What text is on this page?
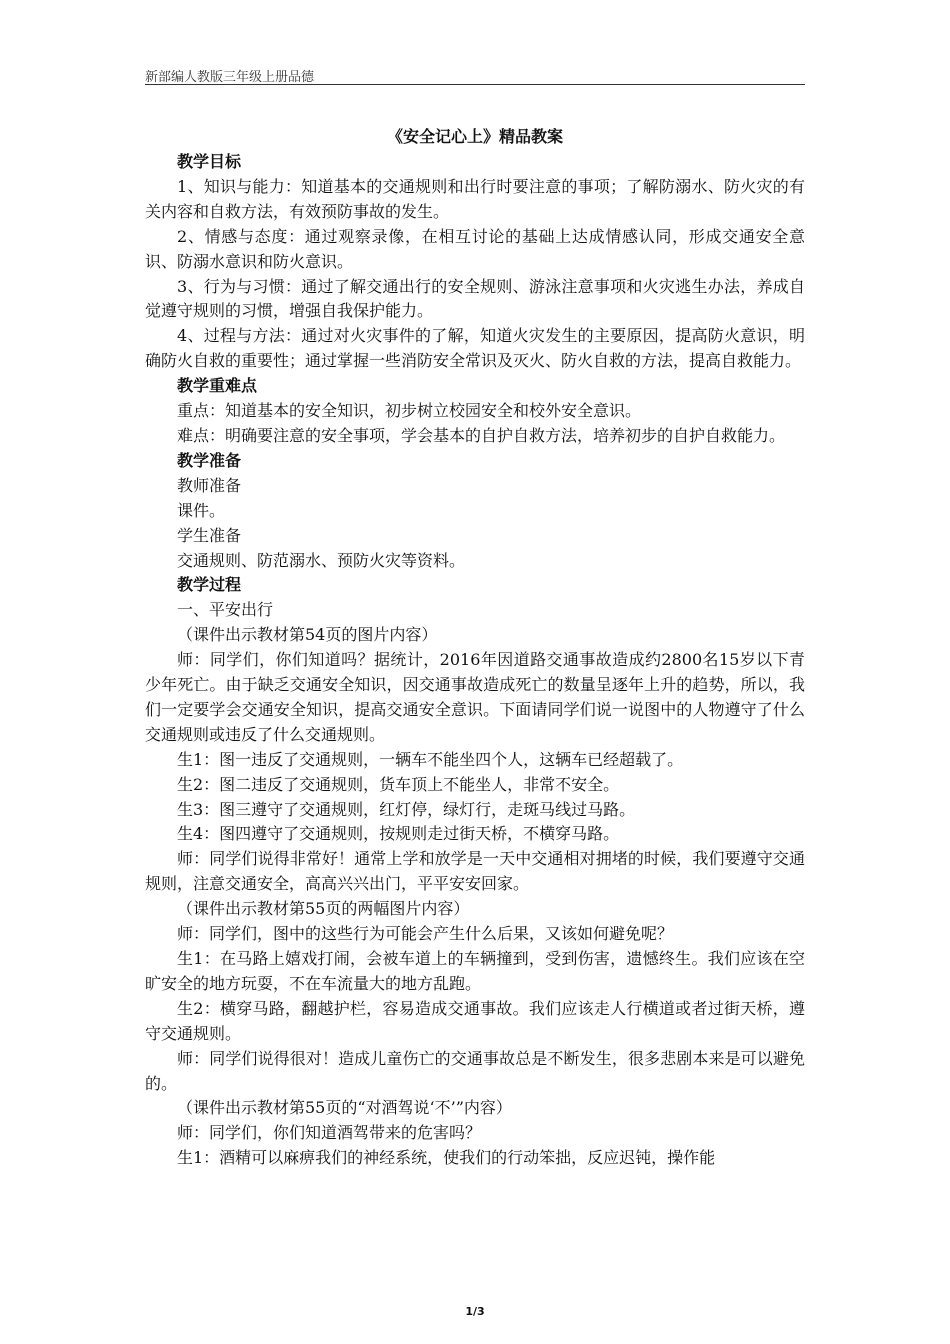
新部编人教版三年级上册品德
《安全记心上》精品教案

教学目标

1、知识与能力：知道基本的交通规则和出行时要注意的事项；了解防溺水、防火灾的有关内容和自救方法，有效预防事故的发生。

2、情感与态度：通过观察录像，在相互讨论的基础上达成情感认同，形成交通安全意识、防溺水意识和防火意识。

3、行为与习惯：通过了解交通出行的安全规则、游泳注意事项和火灾逃生办法，养成自觉遵守规则的习惯，增强自我保护能力。

4、过程与方法：通过对火灾事件的了解，知道火灾发生的主要原因，提高防火意识，明确防火自救的重要性；通过掌握一些消防安全常识及灭火、防火自救的方法，提高自救能力。

教学重难点

重点：知道基本的安全知识，初步树立校园安全和校外安全意识。

难点：明确要注意的安全事项，学会基本的自护自救方法，培养初步的自护自救能力。

教学准备

教师准备

课件。

学生准备

交通规则、防范溺水、预防火灾等资料。

教学过程

一、平安出行

（课件出示教材第54页的图片内容）

师：同学们，你们知道吗？据统计，2016年因道路交通事故造成约2800名15岁以下青少年死亡。由于缺乏交通安全知识，因交通事故造成死亡的数量呈逐年上升的趋势，所以，我们一定要学会交通安全知识，提高交通安全意识。下面请同学们说一说图中的人物遵守了什么交通规则或违反了什么交通规则。

生1：图一违反了交通规则，一辆车不能坐四个人，这辆车已经超载了。

生2：图二违反了交通规则，货车顶上不能坐人，非常不安全。

生3：图三遵守了交通规则，红灯停，绿灯行，走斑马线过马路。

生4：图四遵守了交通规则，按规则走过街天桥，不横穿马路。

师：同学们说得非常好！通常上学和放学是一天中交通相对拥堵的时候，我们要遵守交通规则，注意交通安全，高高兴兴出门，平平安安回家。

（课件出示教材第55页的两幅图片内容）

师：同学们，图中的这些行为可能会产生什么后果，又该如何避免呢？

生1：在马路上嬉戏打闹，会被车道上的车辆撞到，受到伤害，遗憾终生。我们应该在空旷安全的地方玩耍，不在车流量大的地方乱跑。

生2：横穿马路，翻越护栏，容易造成交通事故。我们应该走人行横道或者过街天桥，遵守交通规则。

师：同学们说得很对！造成儿童伤亡的交通事故总是不断发生，很多悲剧本来是可以避免的。

（课件出示教材第55页的“对酒驾说‘不’”内容）

师：同学们，你们知道酒驾带来的危害吗？

生1：酒精可以麻痹我们的神经系统，使我们的行动笨拙，反应迟钝，操作能

1/3
